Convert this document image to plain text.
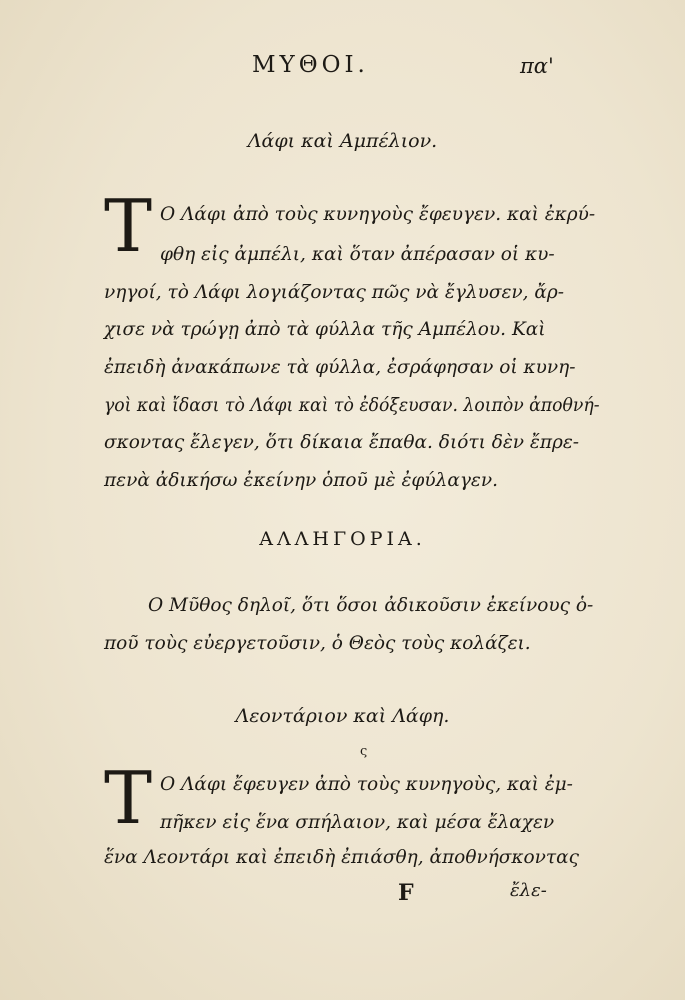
ΜΥΘΟΙ.	πα'
Λάφι καὶ Αμπέλιον.
Τ Ο Λάφι ἀπὸ τοὺς κυνηγοὺς ἔφευγεν. καὶ ἐκρύ-
φθη εἰς ἀμπέλι, καὶ ὅταν ἀπέρασαν οἱ κυ-
νηγοί, τὸ Λάφι λογιάζοντας πῶς νὰ ἔγλυσεν, ἄρ-
χισε νὰ τρώγῃ ἀπὸ τὰ φύλλα τῆς Αμπέλου. Καὶ
ἐπειδὴ ἀνακάπωνε τὰ φύλλα, ἐσράφησαν οἱ κυνη-
γοὶ καὶ ἴδασι τὸ Λάφι καὶ τὸ ἐδόξευσαν. λοιπὸν ἀποθνή-
σκοντας ἔλεγεν, ὅτι δίκαια ἔπαθα. διότι δὲν ἔπρε-
πενὰ ἀδικήσω ἐκείνην ὁποῦ μὲ ἐφύλαγεν.
ΑΛΛΗΓΟΡΙΑ.
Ο Μῦθος δηλοῖ, ὅτι ὅσοι ἀδικοῦσιν ἐκείνους ὁ-
ποῦ τοὺς εὐεργετοῦσιν, ὁ Θεὸς τοὺς κολάζει.
Λεοντάριον καὶ Λάφη.
ς
Τ Ο Λάφι ἔφευγεν ἀπὸ τοὺς κυνηγοὺς, καὶ ἐμ-
πῆκεν εἰς ἕνα σπήλαιον, καὶ μέσα ἔλαχεν
ἕνα Λεοντάρι καὶ ἐπειδὴ ἐπιάσθη, ἀποθνήσκοντας
F	ἔλε-
